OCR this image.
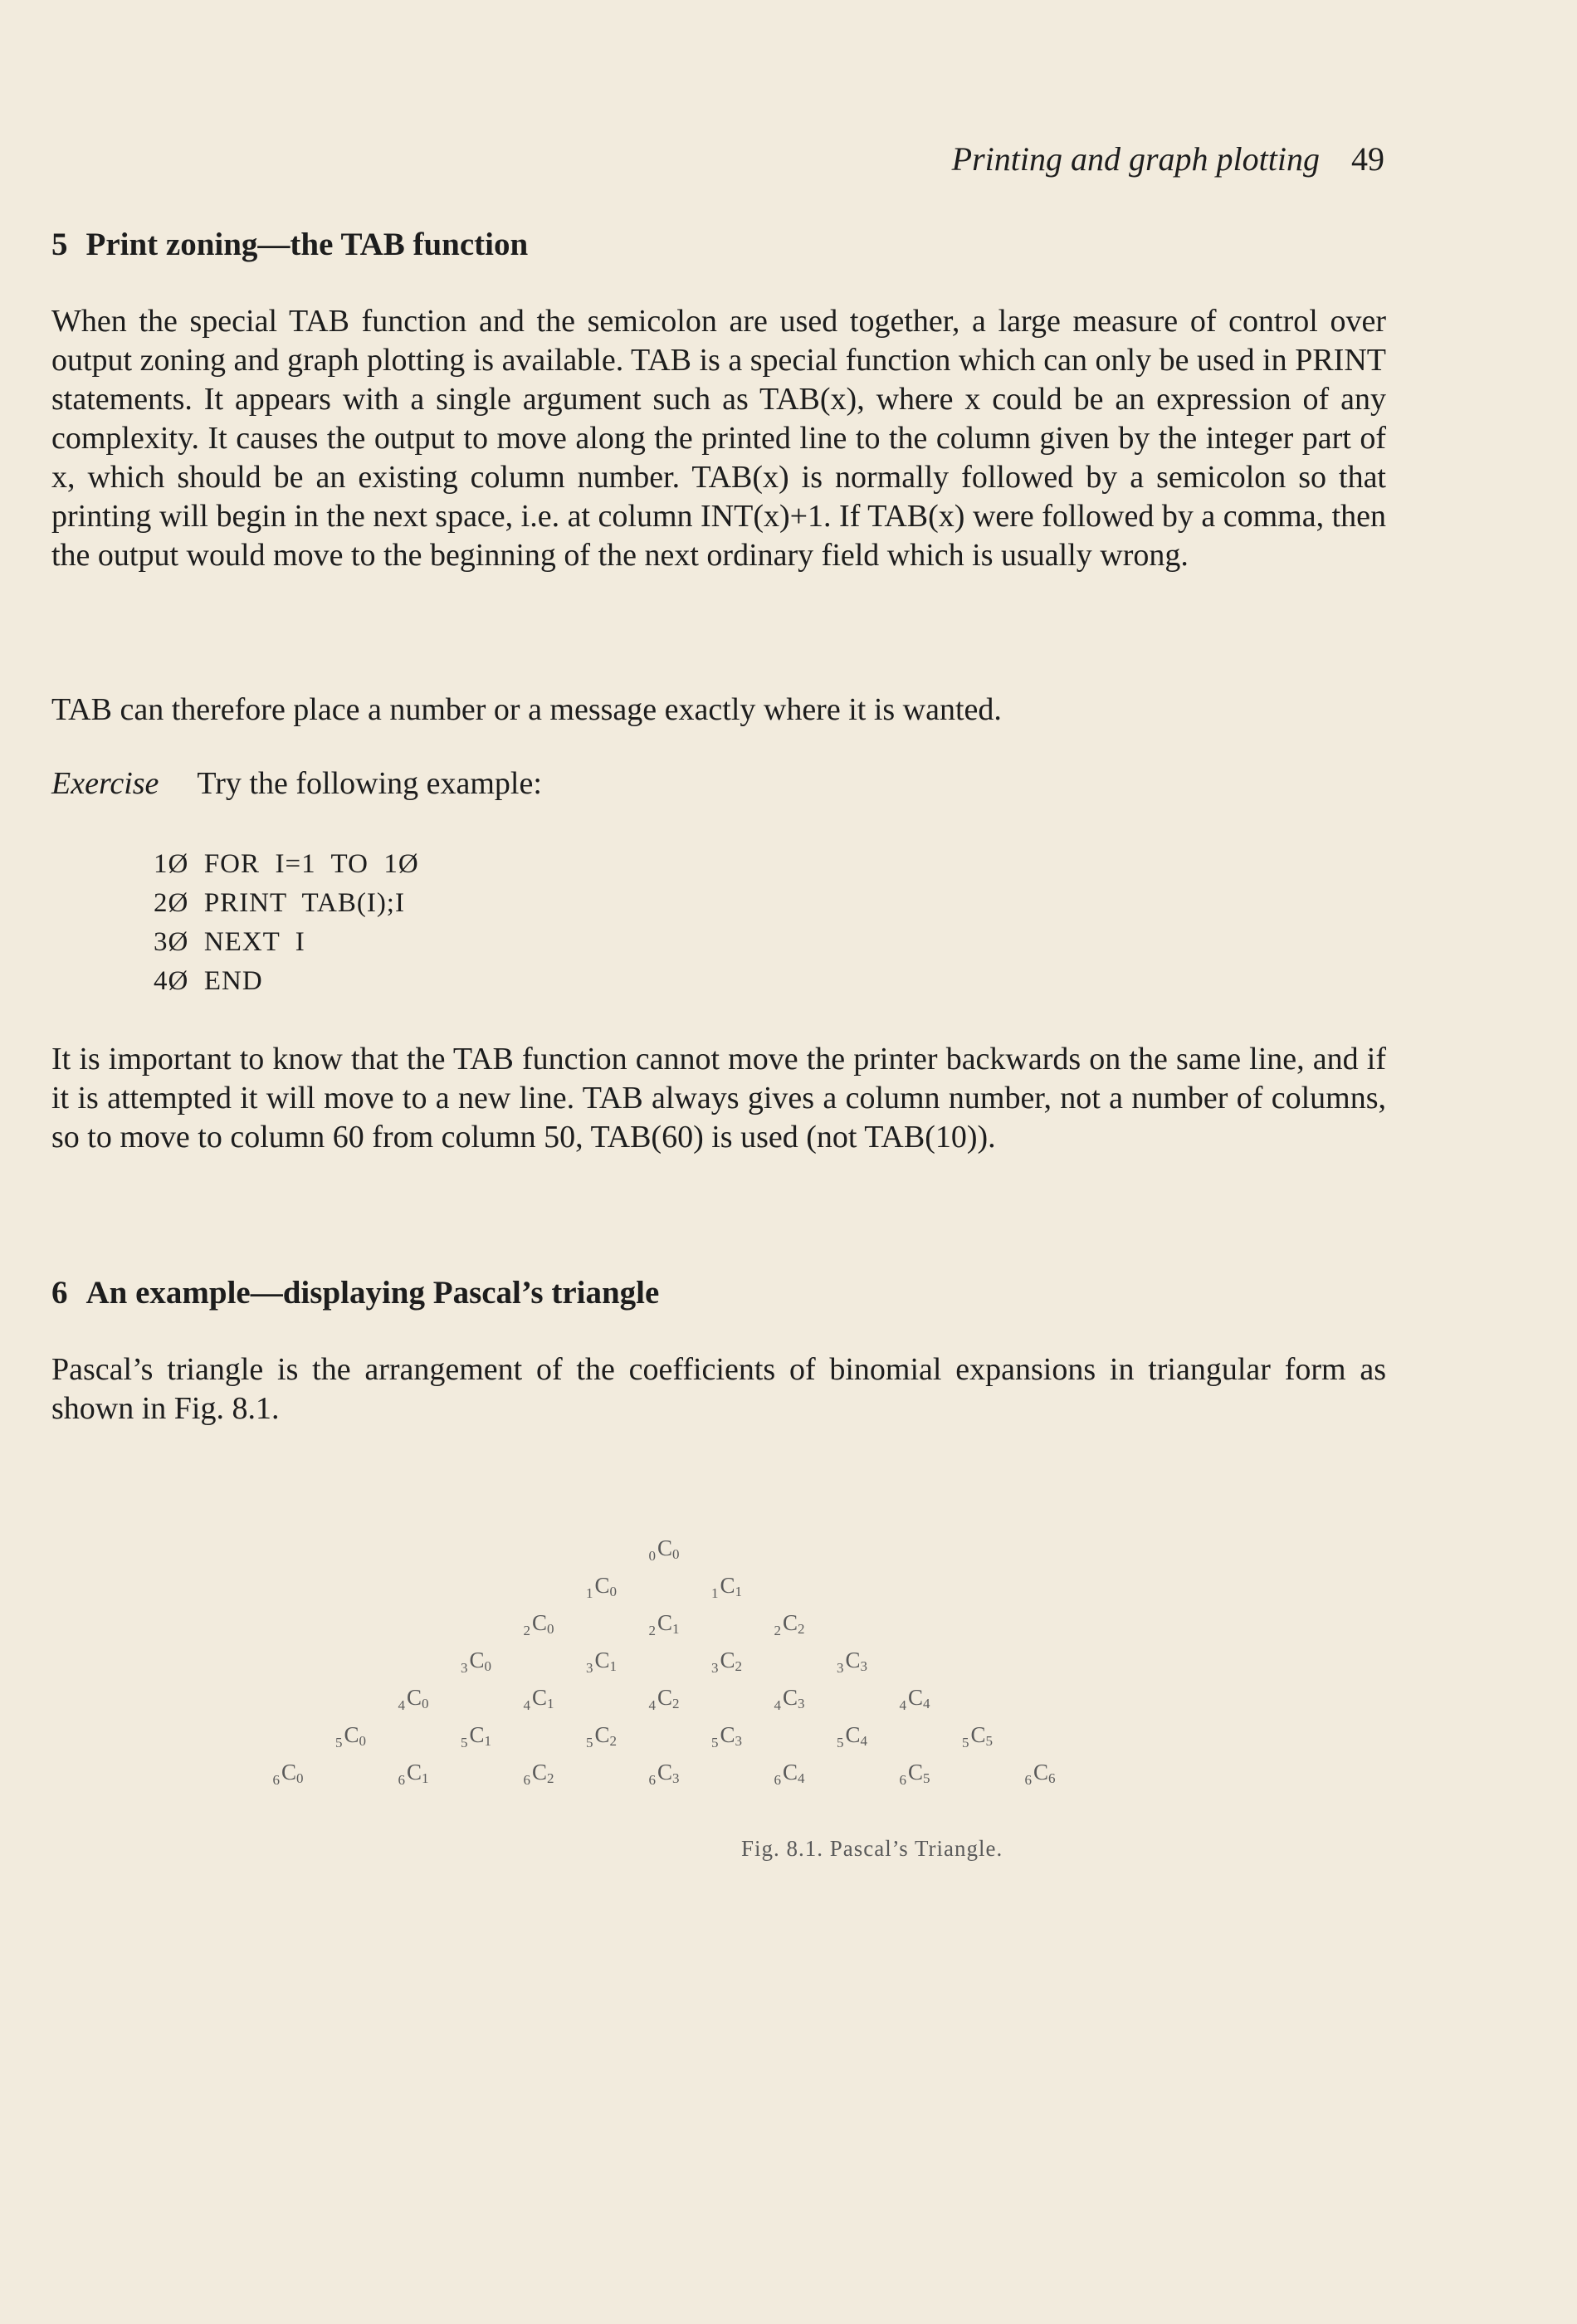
Printing and graph plotting 49
5 Print zoning—the TAB function

When the special TAB function and the semicolon are used together, a large measure of control over output zoning and graph plotting is available. TAB is a special function which can only be used in PRINT statements. It appears with a single argument such as TAB(x), where x could be an expression of any complexity. It causes the output to move along the printed line to the column given by the integer part of x, which should be an existing column number. TAB(x) is normally followed by a semicolon so that printing will begin in the next space, i.e. at column INT(x)+1. If TAB(x) were followed by a comma, then the output would move to the beginning of the next ordinary field which is usually wrong.

TAB can therefore place a number or a message exactly where it is wanted.

Exercise Try the following example:
1Ø  FOR  I=1  TO  1Ø
2Ø  PRINT  TAB(I);I
3Ø  NEXT  I
4Ø  END

It is important to know that the TAB function cannot move the printer backwards on the same line, and if it is attempted it will move to a new line. TAB always gives a column number, not a number of columns, so to move to column 60 from column 50, TAB(60) is used (not TAB(10)).

6 An example—displaying Pascal’s triangle

Pascal’s triangle is the arrangement of the coefficients of binomial expansions in triangular form as shown in Fig. 8.1.

$_0C_0$
$_1C_0$	$_1C_1$
$_2C_0$	$_2C_1$	$_2C_2$
$_3C_0$	$_3C_1$	$_3C_2$	$_3C_3$
$_4C_0$	$_4C_1$	$_4C_2$	$_4C_3$	$_4C_4$
$_5C_0$	$_5C_1$	$_5C_2$	$_5C_3$	$_5C_4$	$_5C_5$
$_6C_0$	$_6C_1$	$_6C_2$	$_6C_3$	$_6C_4$	$_6C_5$	$_6C_6$
Fig. 8.1. Pascal’s Triangle.
